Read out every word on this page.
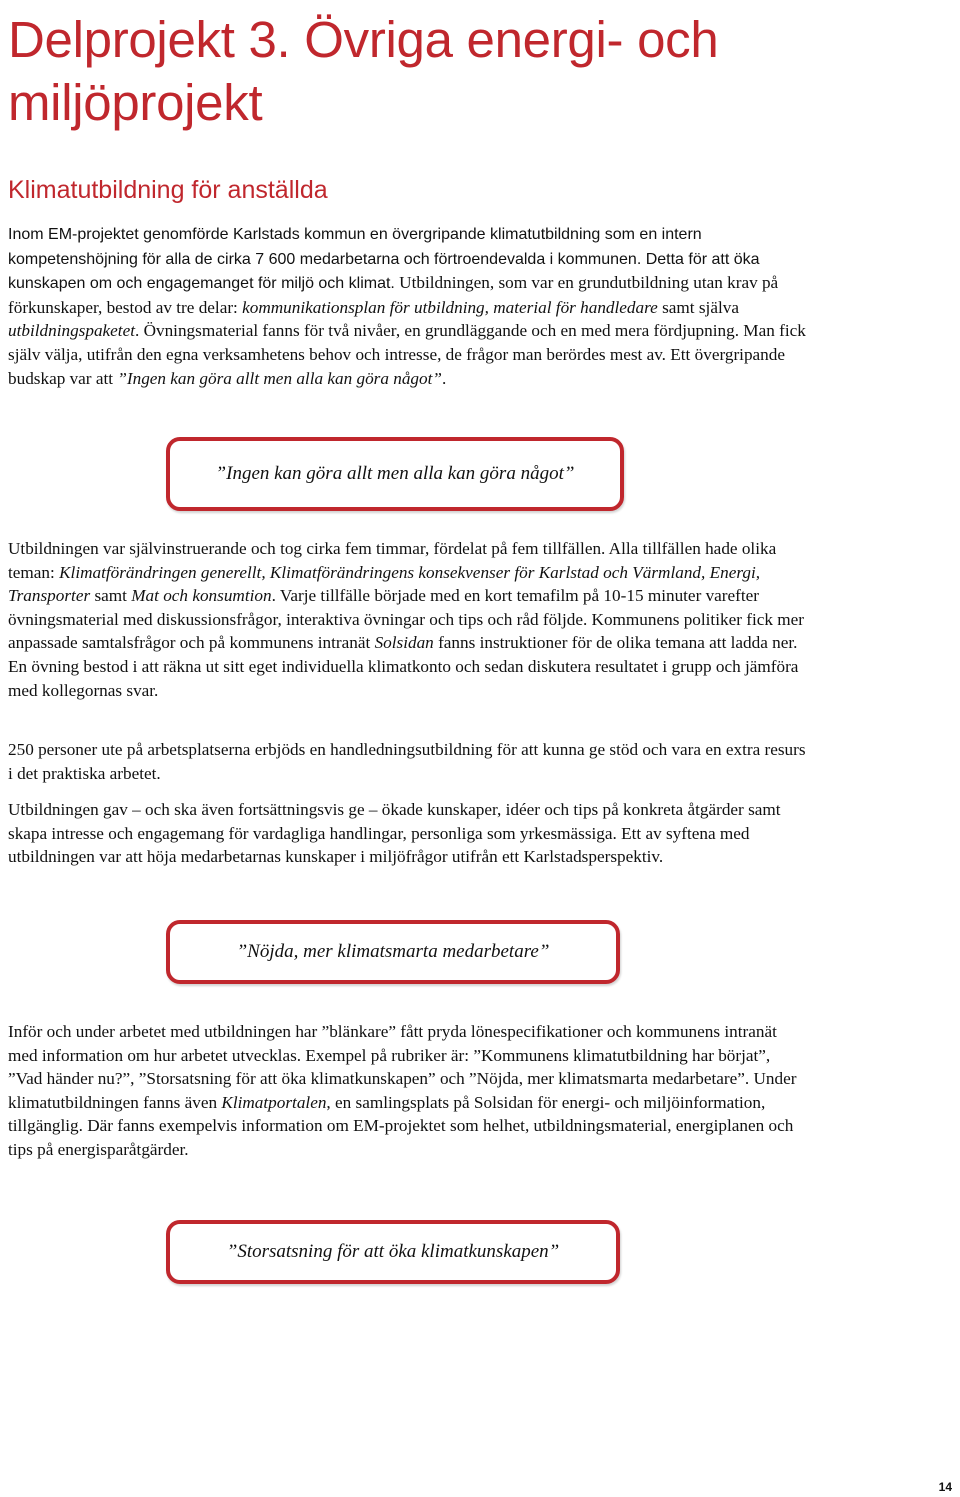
Delprojekt 3. Övriga energi- och miljöprojekt
Klimatutbildning för anställda

Inom EM-projektet genomförde Karlstads kommun en övergripande klimatutbildning som en intern kompetenshöjning för alla de cirka 7 600 medarbetarna och förtroendevalda i kommunen. Detta för att öka kunskapen om och engagemanget för miljö och klimat. Utbildningen, som var en grundutbildning utan krav på förkunskaper, bestod av tre delar: kommunikationsplan för utbildning, material för handledare samt själva utbildningspaketet. Övningsmaterial fanns för två nivåer, en grundläggande och en med mera fördjupning. Man fick själv välja, utifrån den egna verksamhetens behov och intresse, de frågor man berördes mest av. Ett övergripande budskap var att ”Ingen kan göra allt men alla kan göra något”.

”Ingen kan göra allt men alla kan göra något”

Utbildningen var självinstruerande och tog cirka fem timmar, fördelat på fem tillfällen. Alla tillfällen hade olika teman: Klimatförändringen generellt, Klimatförändringens konsekvenser för Karlstad och Värmland, Energi, Transporter samt Mat och konsumtion. Varje tillfälle började med en kort temafilm på 10-15 minuter varefter övningsmaterial med diskussionsfrågor, interaktiva övningar och tips och råd följde. Kommunens politiker fick mer anpassade samtalsfrågor och på kommunens intranät Solsidan fanns instruktioner för de olika temana att ladda ner. En övning bestod i att räkna ut sitt eget individuella klimatkonto och sedan diskutera resultatet i grupp och jämföra med kollegornas svar.

250 personer ute på arbetsplatserna erbjöds en handledningsutbildning för att kunna ge stöd och vara en extra resurs i det praktiska arbetet.

Utbildningen gav – och ska även fortsättningsvis ge – ökade kunskaper, idéer och tips på konkreta åtgärder samt skapa intresse och engagemang för vardagliga handlingar, personliga som yrkesmässiga. Ett av syftena med utbildningen var att höja medarbetarnas kunskaper i miljöfrågor utifrån ett Karlstadsperspektiv.

”Nöjda, mer klimatsmarta medarbetare”

Inför och under arbetet med utbildningen har ”blänkare” fått pryda lönespecifikationer och kommunens intranät med information om hur arbetet utvecklas. Exempel på rubriker är: ”Kommunens klimatutbildning har börjat”, ”Vad händer nu?”, ”Storsatsning för att öka klimatkunskapen” och ”Nöjda, mer klimatsmarta medarbetare”. Under klimatutbildningen fanns även Klimatportalen, en samlingsplats på Solsidan för energi- och miljöinformation, tillgänglig. Där fanns exempelvis information om EM-projektet som helhet, utbildningsmaterial, energiplanen och tips på energisparåtgärder.

”Storsatsning för att öka klimatkunskapen”
14
